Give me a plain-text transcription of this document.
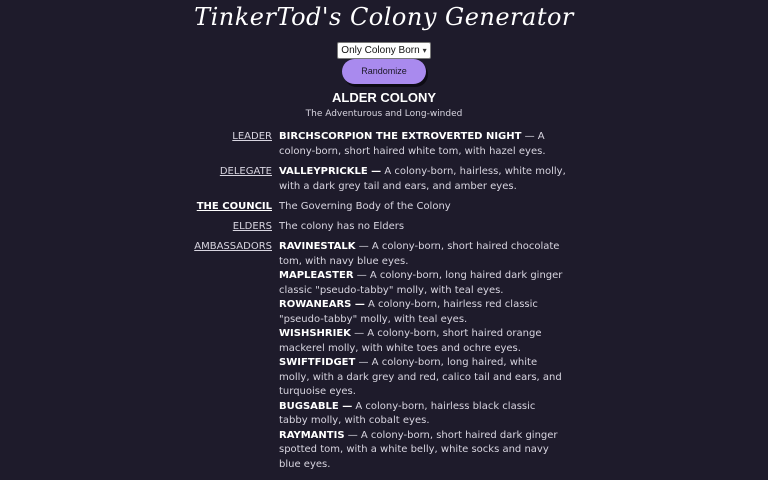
TinkerTod's Colony Generator
Only Colony Born ▾
Randomize
ALDER COLONY
The Adventurous and Long-winded
LEADER BIRCHSCORPION THE EXTROVERTED NIGHT — A colony-born, short haired white tom, with hazel eyes.

DELEGATE VALLEYPRICKLE — A colony-born, hairless, white molly, with a dark grey tail and ears, and amber eyes.

THE COUNCIL The Governing Body of the Colony

ELDERS The colony has no Elders

AMBASSADORS RAVINESTALK — A colony-born, short haired chocolate tom, with navy blue eyes.

MAPLEASTER — A colony-born, long haired dark ginger classic "pseudo-tabby" molly, with teal eyes.

ROWANEARS — A colony-born, hairless red classic "pseudo-tabby" molly, with teal eyes.

WISHSHRIEK — A colony-born, short haired orange mackerel molly, with white toes and ochre eyes.

SWIFTFIDGET — A colony-born, long haired, white molly, with a dark grey and red, calico tail and ears, and turquoise eyes.

BUGSABLE — A colony-born, hairless black classic tabby molly, with cobalt eyes.

RAYMANTIS — A colony-born, short haired dark ginger spotted tom, with a white belly, white socks and navy blue eyes.
